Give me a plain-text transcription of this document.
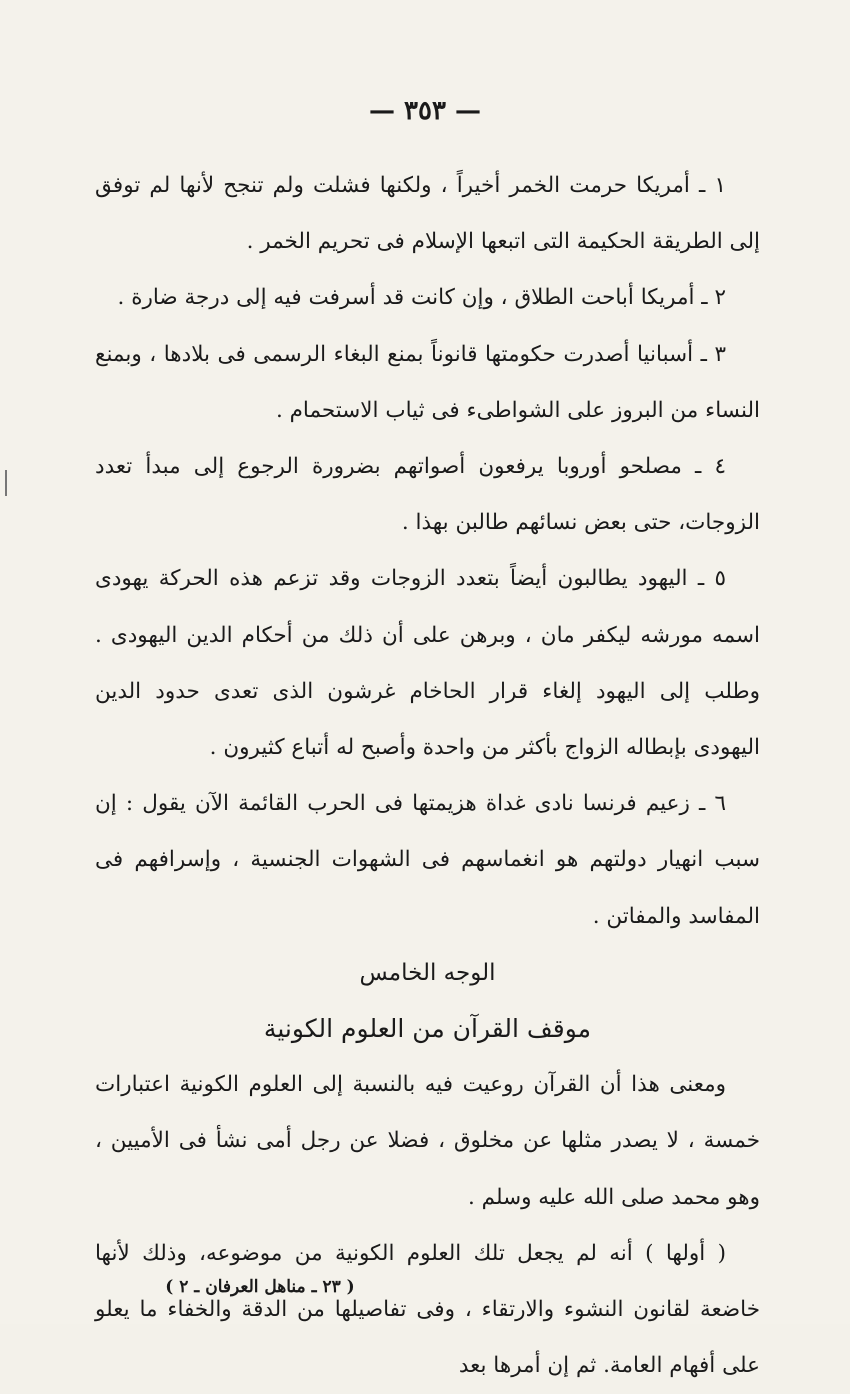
— ٣٥٣ —

١ ـ أمريكا حرمت الخمر أخيراً ، ولكنها فشلت ولم تنجح لأنها لم توفق إلى الطريقة الحكيمة التى اتبعها الإسلام فى تحريم الخمر .

٢ ـ أمريكا أباحت الطلاق ، وإن كانت قد أسرفت فيه إلى درجة ضارة .

٣ ـ أسبانيا أصدرت حكومتها قانوناً بمنع البغاء الرسمى فى بلادها ، وبمنع النساء من البروز على الشواطىء فى ثياب الاستحمام .

٤ ـ مصلحو أوروبا يرفعون أصواتهم بضرورة الرجوع إلى مبدأ تعدد الزوجات، حتى بعض نسائهم طالبن بهذا .

٥ ـ اليهود يطالبون أيضاً بتعدد الزوجات وقد تزعم هذه الحركة يهودى اسمه مورشه ليكفر مان ، وبرهن على أن ذلك من أحكام الدين اليهودى . وطلب إلى اليهود إلغاء قرار الحاخام غرشون الذى تعدى حدود الدين اليهودى بإبطاله الزواج بأكثر من واحدة وأصبح له أتباع كثيرون .

٦ ـ زعيم فرنسا نادى غداة هزيمتها فى الحرب القائمة الآن يقول : إن سبب انهيار دولتهم هو انغماسهم فى الشهوات الجنسية ، وإسرافهم فى المفاسد والمفاتن .

الوجه الخامس

موقف القرآن من العلوم الكونية

ومعنى هذا أن القرآن روعيت فيه بالنسبة إلى العلوم الكونية اعتبارات خمسة ، لا يصدر مثلها عن مخلوق ، فضلا عن رجل أمى نشأ فى الأميين ، وهو محمد صلى الله عليه وسلم .

( أولها ) أنه لم يجعل تلك العلوم الكونية من موضوعه، وذلك لأنها خاضعة لقانون النشوء والارتقاء ، وفى تفاصيلها من الدقة والخفاء ما يعلو على أفهام العامة. ثم إن أمرها بعد

( ٢٣ ـ مناهل العرفان ـ ٢ )
